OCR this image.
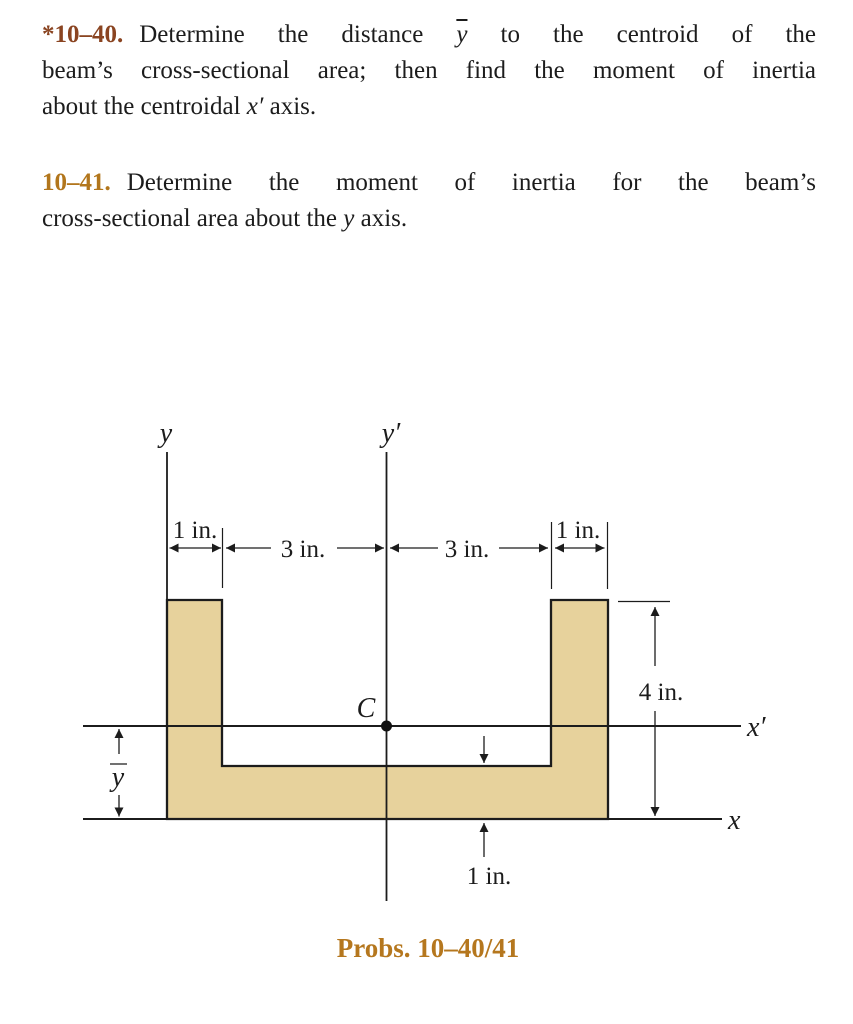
*10–40. Determine the distance $\overline{y}$ to the centroid of the
beam’s cross-sectional area; then find the moment of inertia
about the centroidal x′ axis.
10–41. Determine the moment of inertia for the beam’s
cross-sectional area about the y axis.
y	y′
x′
x
C
1 in.
3 in.	3 in.
1 in.
4 in.
y
1 in.
Probs. 10–40/41
